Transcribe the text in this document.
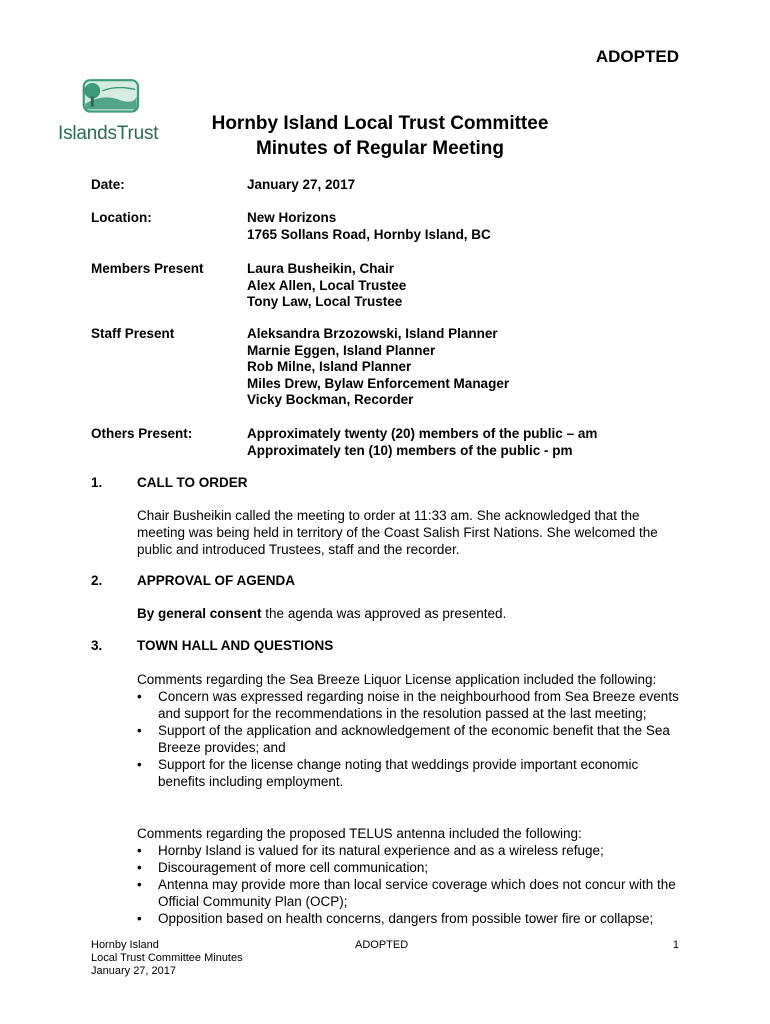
ADOPTED
IslandsTrust	Hornby Island Local Trust Committee
Minutes of Regular Meeting
Date:	January 27, 2017
Location:	New Horizons
1765 Sollans Road, Hornby Island, BC
Members Present	Laura Busheikin, Chair
Alex Allen, Local Trustee
Tony Law, Local Trustee
Staff Present	Aleksandra Brzozowski, Island Planner
Marnie Eggen, Island Planner
Rob Milne, Island Planner
Miles Drew, Bylaw Enforcement Manager
Vicky Bockman, Recorder
Others Present:	Approximately twenty (20) members of the public – am
Approximately ten (10) members of the public - pm
1.	CALL TO ORDER
Chair Busheikin called the meeting to order at 11:33 am. She acknowledged that the meeting was being held in territory of the Coast Salish First Nations. She welcomed the public and introduced Trustees, staff and the recorder.
2.	APPROVAL OF AGENDA
By general consent the agenda was approved as presented.
3.	TOWN HALL AND QUESTIONS
Comments regarding the Sea Breeze Liquor License application included the following:
• Concern was expressed regarding noise in the neighbourhood from Sea Breeze events and support for the recommendations in the resolution passed at the last meeting;
• Support of the application and acknowledgement of the economic benefit that the Sea Breeze provides; and
• Support for the license change noting that weddings provide important economic benefits including employment.
Comments regarding the proposed TELUS antenna included the following:
• Hornby Island is valued for its natural experience and as a wireless refuge;
• Discouragement of more cell communication;
• Antenna may provide more than local service coverage which does not concur with the Official Community Plan (OCP);
• Opposition based on health concerns, dangers from possible tower fire or collapse;
Hornby Island
Local Trust Committee Minutes
January 27, 2017
ADOPTED	1
